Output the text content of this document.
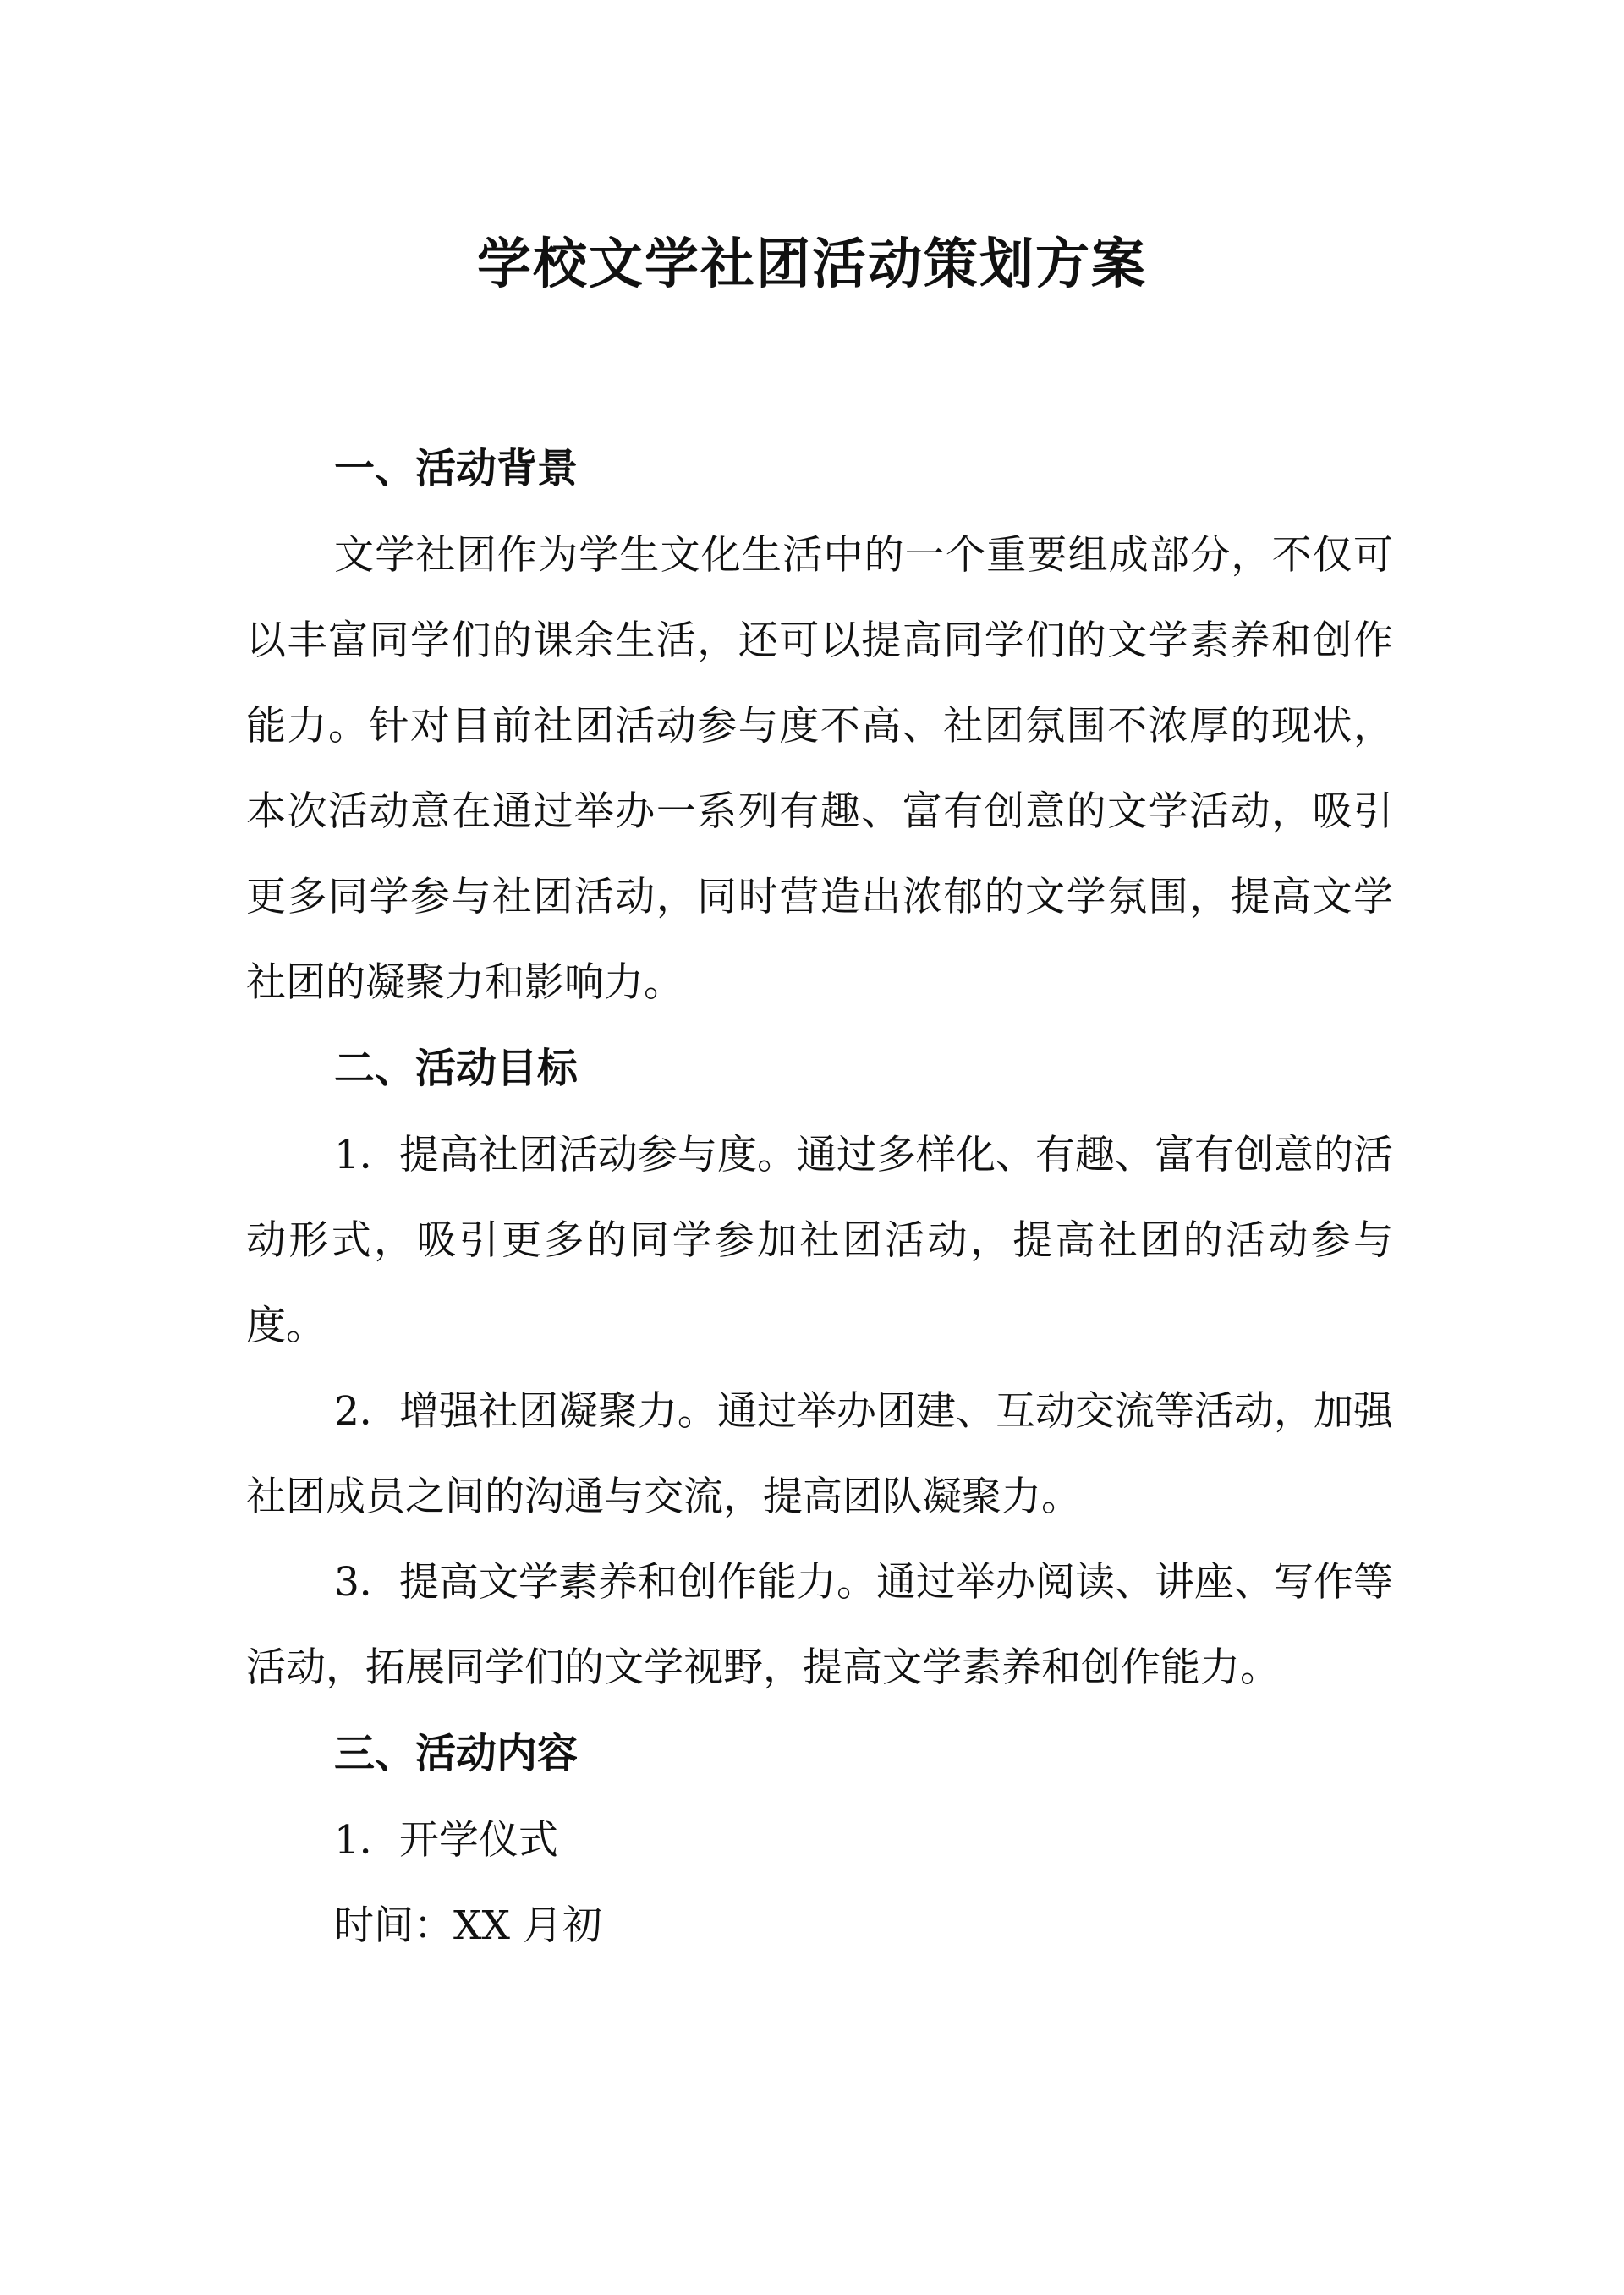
学校文学社团活动策划方案
一、活动背景

文学社团作为学生文化生活中的一个重要组成部分，不仅可以丰富同学们的课余生活，还可以提高同学们的文学素养和创作能力。针对目前社团活动参与度不高、社团氛围不浓厚的现状，本次活动意在通过举办一系列有趣、富有创意的文学活动，吸引更多同学参与社团活动，同时营造出浓郁的文学氛围，提高文学社团的凝聚力和影响力。

二、活动目标

1．提高社团活动参与度。通过多样化、有趣、富有创意的活动形式，吸引更多的同学参加社团活动，提高社团的活动参与度。

2．增强社团凝聚力。通过举办团建、互动交流等活动，加强社团成员之间的沟通与交流，提高团队凝聚力。

3．提高文学素养和创作能力。通过举办阅读、讲座、写作等活动，拓展同学们的文学视野，提高文学素养和创作能力。

三、活动内容

1．开学仪式

时间：XX 月初
